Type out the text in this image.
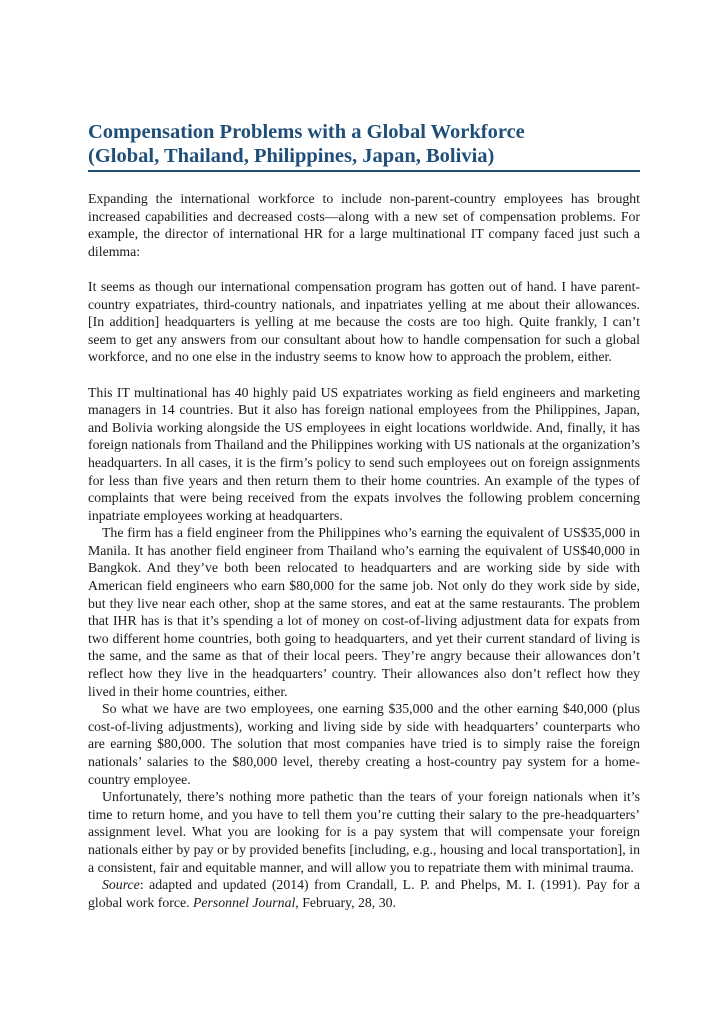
Compensation Problems with a Global Workforce
(Global, Thailand, Philippines, Japan, Bolivia)

Expanding the international workforce to include non-parent-country employees has brought increased capabilities and decreased costs—along with a new set of compensation problems. For example, the director of international HR for a large multinational IT company faced just such a dilemma:

It seems as though our international compensation program has gotten out of hand. I have parent-country expatriates, third-country nationals, and inpatriates yelling at me about their allowances. [In addition] headquarters is yelling at me because the costs are too high. Quite frankly, I can’t seem to get any answers from our consultant about how to handle compensation for such a global workforce, and no one else in the industry seems to know how to approach the problem, either.

This IT multinational has 40 highly paid US expatriates working as field engineers and marketing managers in 14 countries. But it also has foreign national employees from the Philippines, Japan, and Bolivia working alongside the US employees in eight locations worldwide. And, finally, it has foreign nationals from Thailand and the Philippines working with US nationals at the organization’s headquarters. In all cases, it is the firm’s policy to send such employees out on foreign assignments for less than five years and then return them to their home countries. An example of the types of complaints that were being received from the expats involves the following problem concerning inpatriate employees working at headquarters.

The firm has a field engineer from the Philippines who’s earning the equivalent of US$35,000 in Manila. It has another field engineer from Thailand who’s earning the equivalent of US$40,000 in Bangkok. And they’ve both been relocated to headquarters and are working side by side with American field engineers who earn $80,000 for the same job. Not only do they work side by side, but they live near each other, shop at the same stores, and eat at the same restaurants. The problem that IHR has is that it’s spending a lot of money on cost-of-living adjustment data for expats from two different home countries, both going to headquarters, and yet their current standard of living is the same, and the same as that of their local peers. They’re angry because their allowances don’t reflect how they live in the headquarters’ country. Their allowances also don’t reflect how they lived in their home countries, either.

So what we have are two employees, one earning $35,000 and the other earning $40,000 (plus cost-of-living adjustments), working and living side by side with headquarters’ counterparts who are earning $80,000. The solution that most companies have tried is to simply raise the foreign nationals’ salaries to the $80,000 level, thereby creating a host-country pay system for a home-country employee.

Unfortunately, there’s nothing more pathetic than the tears of your foreign nationals when it’s time to return home, and you have to tell them you’re cutting their salary to the pre-headquarters’ assignment level. What you are looking for is a pay system that will compensate your foreign nationals either by pay or by provided benefits [including, e.g., housing and local transportation], in a consistent, fair and equitable manner, and will allow you to repatriate them with minimal trauma.

Source: adapted and updated (2014) from Crandall, L. P. and Phelps, M. I. (1991). Pay for a global work force. Personnel Journal, February, 28, 30.
